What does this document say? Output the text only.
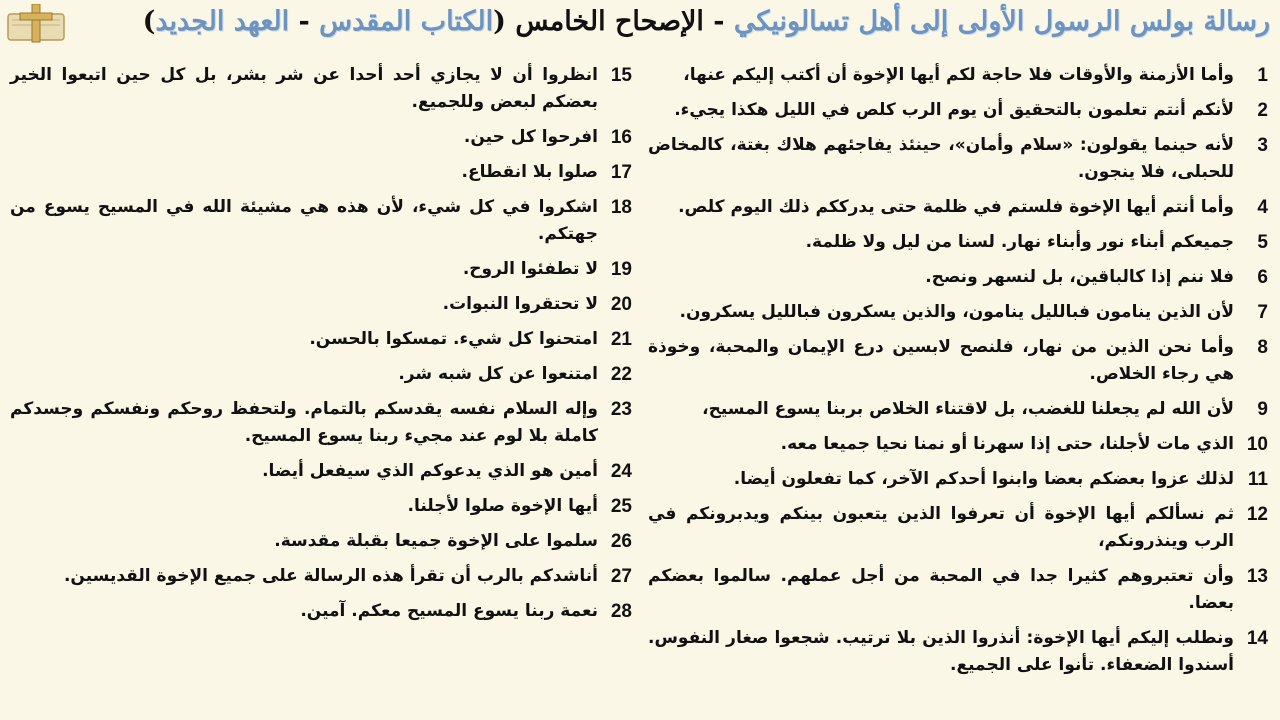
رسالة بولس الرسول الأولى إلى أهل تسالونيكي - الإصحاح الخامس (الكتاب المقدس - العهد الجديد)
1
وأما الأزمنة والأوقات فلا حاجة لكم أيها الإخوة أن أكتب إليكم عنها،
2
لأنكم أنتم تعلمون بالتحقيق أن يوم الرب كلص في الليل هكذا يجيء.
3
لأنه حينما يقولون: «سلام وأمان»، حينئذ يفاجئهم هلاك بغتة، كالمخاض للحبلى، فلا ينجون.
4
وأما أنتم أيها الإخوة فلستم في ظلمة حتى يدرككم ذلك اليوم كلص.
5
جميعكم أبناء نور وأبناء نهار. لسنا من ليل ولا ظلمة.
6
فلا ننم إذا كالباقين، بل لنسهر ونصح.
7
لأن الذين ينامون فبالليل ينامون، والذين يسكرون فبالليل يسكرون.
8
وأما نحن الذين من نهار، فلنصح لابسين درع الإيمان والمحبة، وخوذة هي رجاء الخلاص.
9
لأن الله لم يجعلنا للغضب، بل لاقتناء الخلاص بربنا يسوع المسيح،
10
الذي مات لأجلنا، حتى إذا سهرنا أو نمنا نحيا جميعا معه.
11
لذلك عزوا بعضكم بعضا وابنوا أحدكم الآخر، كما تفعلون أيضا.
12
ثم نسألكم أيها الإخوة أن تعرفوا الذين يتعبون بينكم ويدبرونكم في الرب وينذرونكم،
13
وأن تعتبروهم كثيرا جدا في المحبة من أجل عملهم. سالموا بعضكم بعضا.
14
ونطلب إليكم أيها الإخوة: أنذروا الذين بلا ترتيب. شجعوا صغار النفوس. أسندوا الضعفاء. تأنوا على الجميع.
15
انظروا أن لا يجازي أحد أحدا عن شر بشر، بل كل حين اتبعوا الخير بعضكم لبعض وللجميع.
16
افرحوا كل حين.
17
صلوا بلا انقطاع.
18
اشكروا في كل شيء، لأن هذه هي مشيئة الله في المسيح يسوع من جهتكم.
19
لا تطفئوا الروح.
20
لا تحتقروا النبوات.
21
امتحنوا كل شيء. تمسكوا بالحسن.
22
امتنعوا عن كل شبه شر.
23
وإله السلام نفسه يقدسكم بالتمام. ولتحفظ روحكم ونفسكم وجسدكم كاملة بلا لوم عند مجيء ربنا يسوع المسيح.
24
أمين هو الذي يدعوكم الذي سيفعل أيضا.
25
أيها الإخوة صلوا لأجلنا.
26
سلموا على الإخوة جميعا بقبلة مقدسة.
27
أناشدكم بالرب أن تقرأ هذه الرسالة على جميع الإخوة القديسين.
28
نعمة ربنا يسوع المسيح معكم. آمين.
